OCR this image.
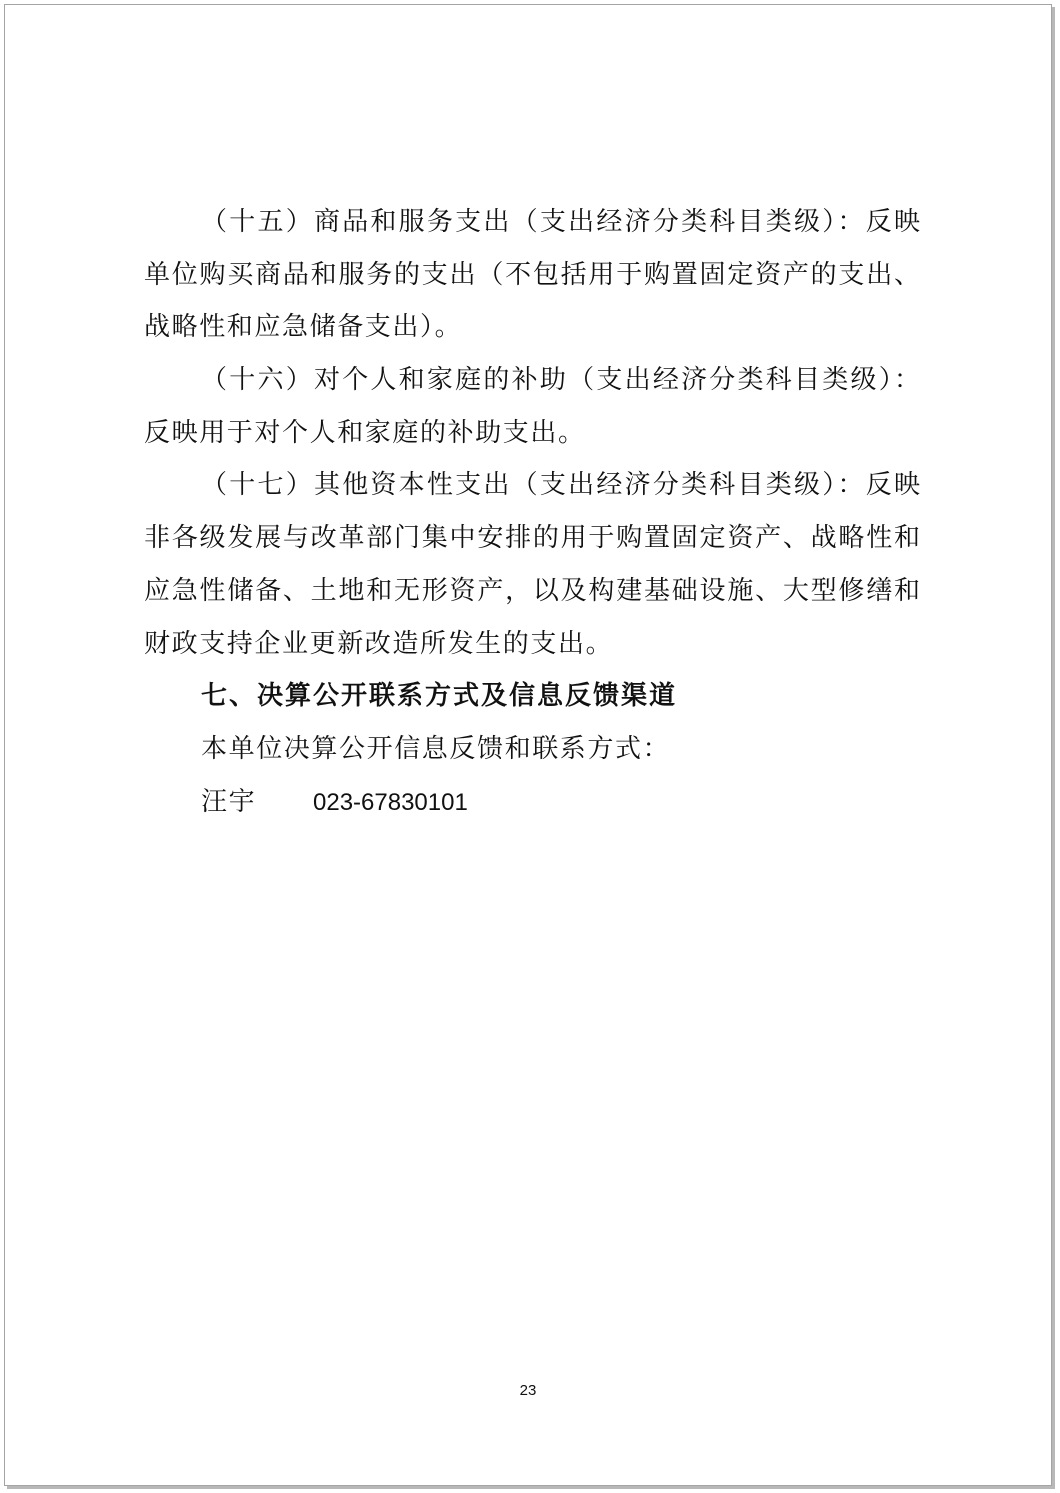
（十五）商品和服务支出（支出经济分类科目类级）：反映
单位购买商品和服务的支出（不包括用于购置固定资产的支出、
战略性和应急储备支出）。
（十六）对个人和家庭的补助（支出经济分类科目类级）：
反映用于对个人和家庭的补助支出。
（十七）其他资本性支出（支出经济分类科目类级）：反映
非各级发展与改革部门集中安排的用于购置固定资产、战略性和
应急性储备、土地和无形资产，以及构建基础设施、大型修缮和
财政支持企业更新改造所发生的支出。
七、决算公开联系方式及信息反馈渠道
本单位决算公开信息反馈和联系方式：
汪宇 023-67830101
23
